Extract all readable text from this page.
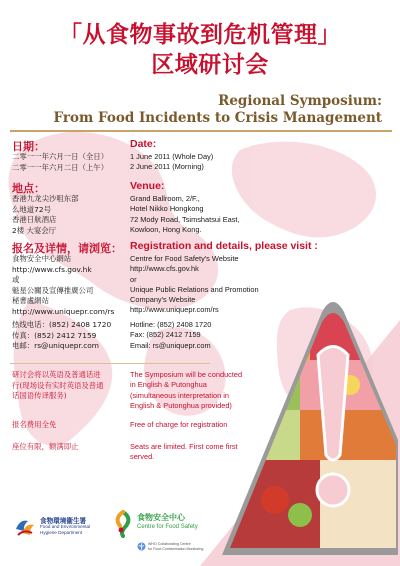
「从食物事故到危机管理」
区域研讨会
Regional Symposium:
From Food Incidents to Crisis Management
日期：
二零一一年六月一日（全日）
二零一一年六月二日（上午）
Date:
1 June 2011 (Whole Day)
2 June 2011 (Morning)
地点：
香港九龙尖沙咀东部
么地道72号
香港日航酒店
2楼 大宴会厅
Venue:
Grand Ballroom, 2/F.,
Hotel Nikko Hongkong
72 Mody Road, Tsimshatsui East,
Kowloon, Hong Kong.
报名及详情，请浏览：
食物安全中心網站
http://www.cfs.gov.hk
或
魁星公關及宣傳推廣公司
秘書處網站
http://www.uniquepr.com/rs
Registration and details, please visit :
Centre for Food Safety's Website
http://www.cfs.gov.hk
or
Unique Public Relations and Promotion
Company's Website
http://www.uniquepr.com/rs
热线电话：(852) 2408 1720
传真：(852) 2412 7159
电邮：rs@uniquepr.com
Hotline: (852) 2408 1720
Fax: (852) 2412 7159
Email: rs@uniquepr.com
研讨会将以英语及普通话进
行(现场设有实时英语及普通
话国语传译服务)
The Symposium will be conducted
in English & Putonghua
(simultaneous interpretation in
English & Putonghua provided)
报名费用全免	Free of charge for registration
座位有限，额满即止	Seats are limited. First come first
served.
食物環境衞生署
Food and Environmental
Hygiene Department
食物安全中心
Centre for Food Safety
WHO Collaborating Centre
for Food Contamination Monitoring
